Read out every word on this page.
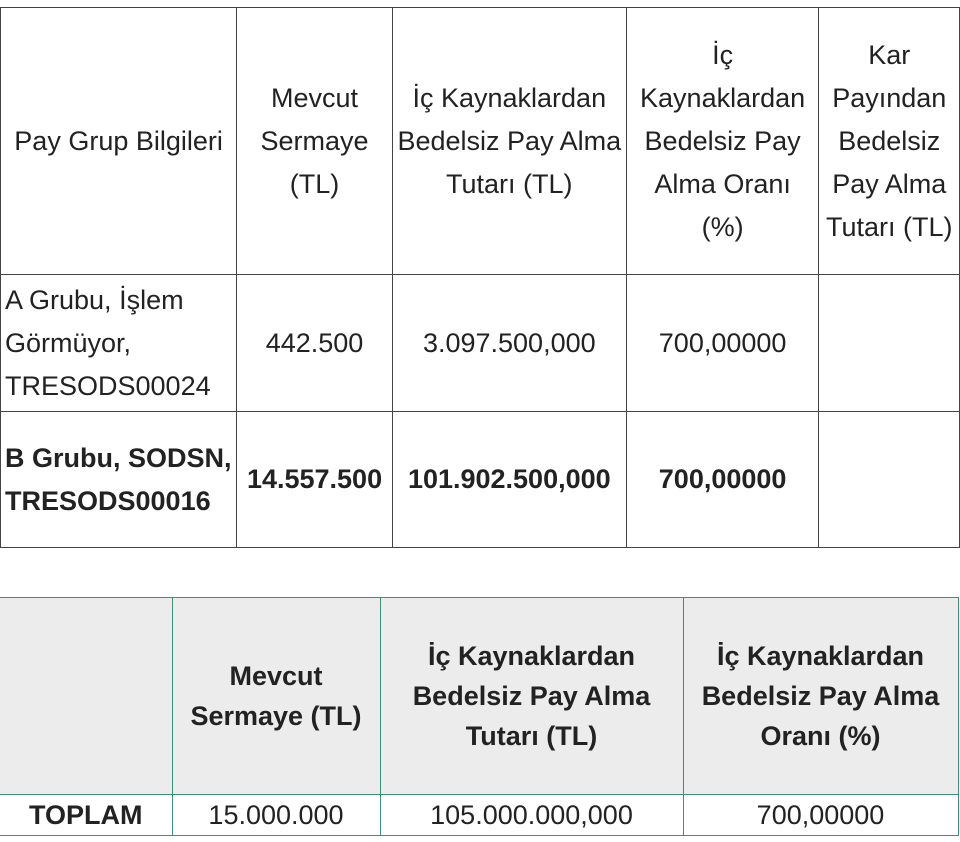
Pay Grup Bilgileri	Mevcut Sermaye (TL)	İç Kaynaklardan Bedelsiz Pay Alma Tutarı (TL)	İç Kaynaklardan Bedelsiz Pay Alma Oranı (%)	Kar Payından Bedelsiz Pay Alma Tutarı (TL)
A Grubu, İşlem Görmüyor, TRESODS00024	442.500	3.097.500,000	700,00000	
B Grubu, SODSN, TRESODS00016	14.557.500	101.902.500,000	700,00000	
	Mevcut Sermaye (TL)	İç Kaynaklardan Bedelsiz Pay Alma Tutarı (TL)	İç Kaynaklardan Bedelsiz Pay Alma Oranı (%)
TOPLAM	15.000.000	105.000.000,000	700,00000
